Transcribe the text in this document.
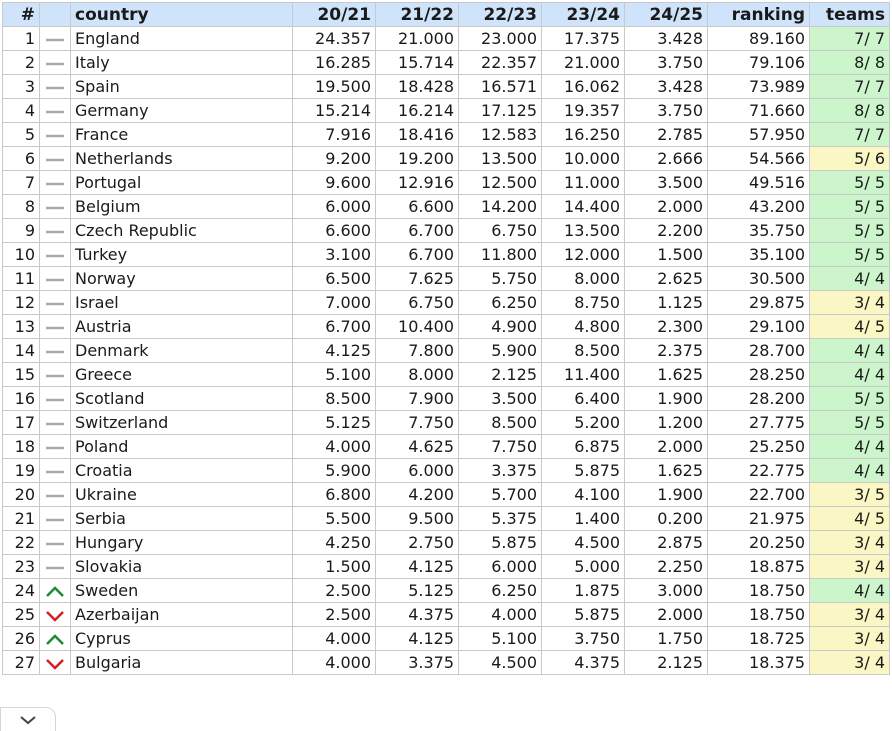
#		country	20/21	21/22	22/23	23/24	24/25	ranking	teams
1		England	24.357	21.000	23.000	17.375	3.428	89.160	7/ 7
2		Italy	16.285	15.714	22.357	21.000	3.750	79.106	8/ 8
3		Spain	19.500	18.428	16.571	16.062	3.428	73.989	7/ 7
4		Germany	15.214	16.214	17.125	19.357	3.750	71.660	8/ 8
5		France	7.916	18.416	12.583	16.250	2.785	57.950	7/ 7
6		Netherlands	9.200	19.200	13.500	10.000	2.666	54.566	5/ 6
7		Portugal	9.600	12.916	12.500	11.000	3.500	49.516	5/ 5
8		Belgium	6.000	6.600	14.200	14.400	2.000	43.200	5/ 5
9		Czech Republic	6.600	6.700	6.750	13.500	2.200	35.750	5/ 5
10		Turkey	3.100	6.700	11.800	12.000	1.500	35.100	5/ 5
11		Norway	6.500	7.625	5.750	8.000	2.625	30.500	4/ 4
12		Israel	7.000	6.750	6.250	8.750	1.125	29.875	3/ 4
13		Austria	6.700	10.400	4.900	4.800	2.300	29.100	4/ 5
14		Denmark	4.125	7.800	5.900	8.500	2.375	28.700	4/ 4
15		Greece	5.100	8.000	2.125	11.400	1.625	28.250	4/ 4
16		Scotland	8.500	7.900	3.500	6.400	1.900	28.200	5/ 5
17		Switzerland	5.125	7.750	8.500	5.200	1.200	27.775	5/ 5
18		Poland	4.000	4.625	7.750	6.875	2.000	25.250	4/ 4
19		Croatia	5.900	6.000	3.375	5.875	1.625	22.775	4/ 4
20		Ukraine	6.800	4.200	5.700	4.100	1.900	22.700	3/ 5
21		Serbia	5.500	9.500	5.375	1.400	0.200	21.975	4/ 5
22		Hungary	4.250	2.750	5.875	4.500	2.875	20.250	3/ 4
23		Slovakia	1.500	4.125	6.000	5.000	2.250	18.875	3/ 4
24		Sweden	2.500	5.125	6.250	1.875	3.000	18.750	4/ 4
25		Azerbaijan	2.500	4.375	4.000	5.875	2.000	18.750	3/ 4
26		Cyprus	4.000	4.125	5.100	3.750	1.750	18.725	3/ 4
27		Bulgaria	4.000	3.375	4.500	4.375	2.125	18.375	3/ 4
